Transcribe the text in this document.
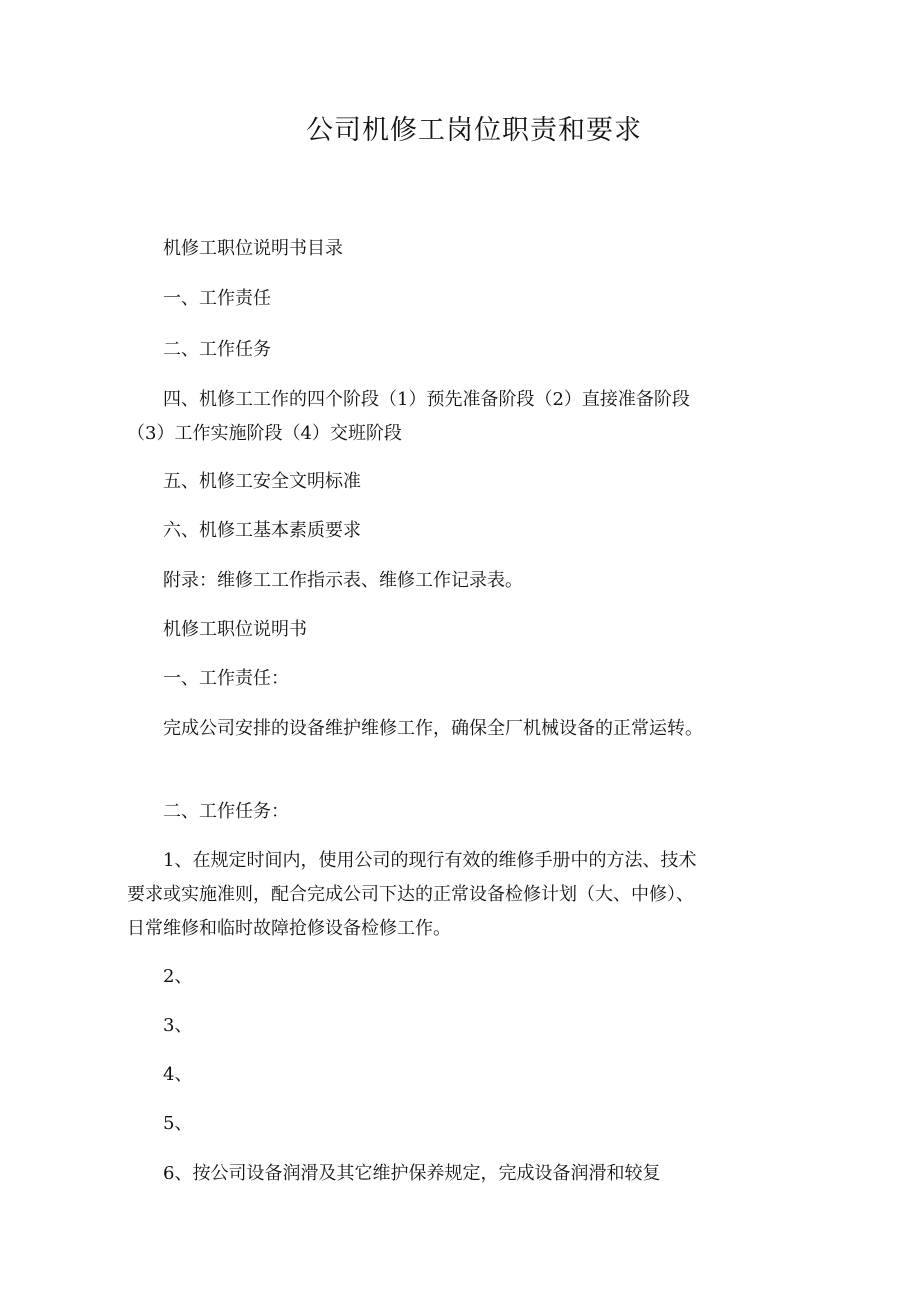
公司机修工岗位职责和要求

机修工职位说明书目录

一、工作责任

二、工作任务

四、机修工工作的四个阶段（1）预先准备阶段（2）直接准备阶段（3）工作实施阶段（4）交班阶段

五、机修工安全文明标准

六、机修工基本素质要求

附录：维修工工作指示表、维修工作记录表。

机修工职位说明书

一、工作责任：

完成公司安排的设备维护维修工作，确保全厂机械设备的正常运转。

二、工作任务：

1、在规定时间内，使用公司的现行有效的维修手册中的方法、技术要求或实施准则，配合完成公司下达的正常设备检修计划（大、中修）、日常维修和临时故障抢修设备检修工作。

2、

3、

4、

5、

6、按公司设备润滑及其它维护保养规定，完成设备润滑和较复
